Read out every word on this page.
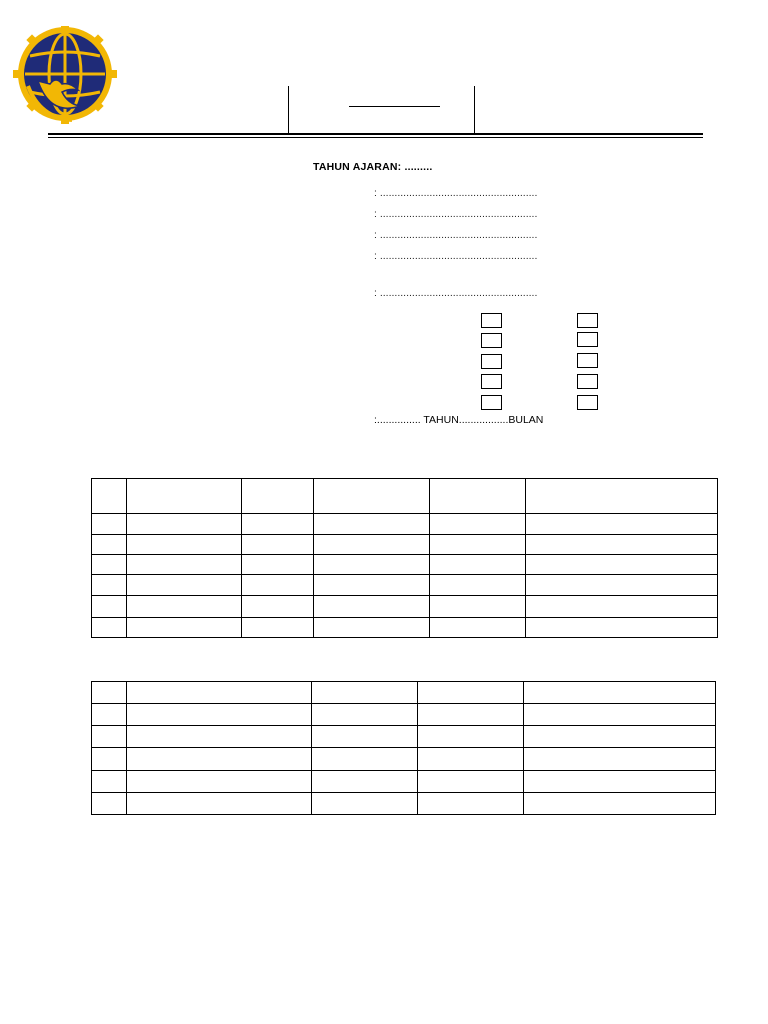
TAHUN AJARAN: .........
: ......................................................
: ......................................................
: ......................................................
: ......................................................
: ......................................................
:............... TAHUN.................BULAN
